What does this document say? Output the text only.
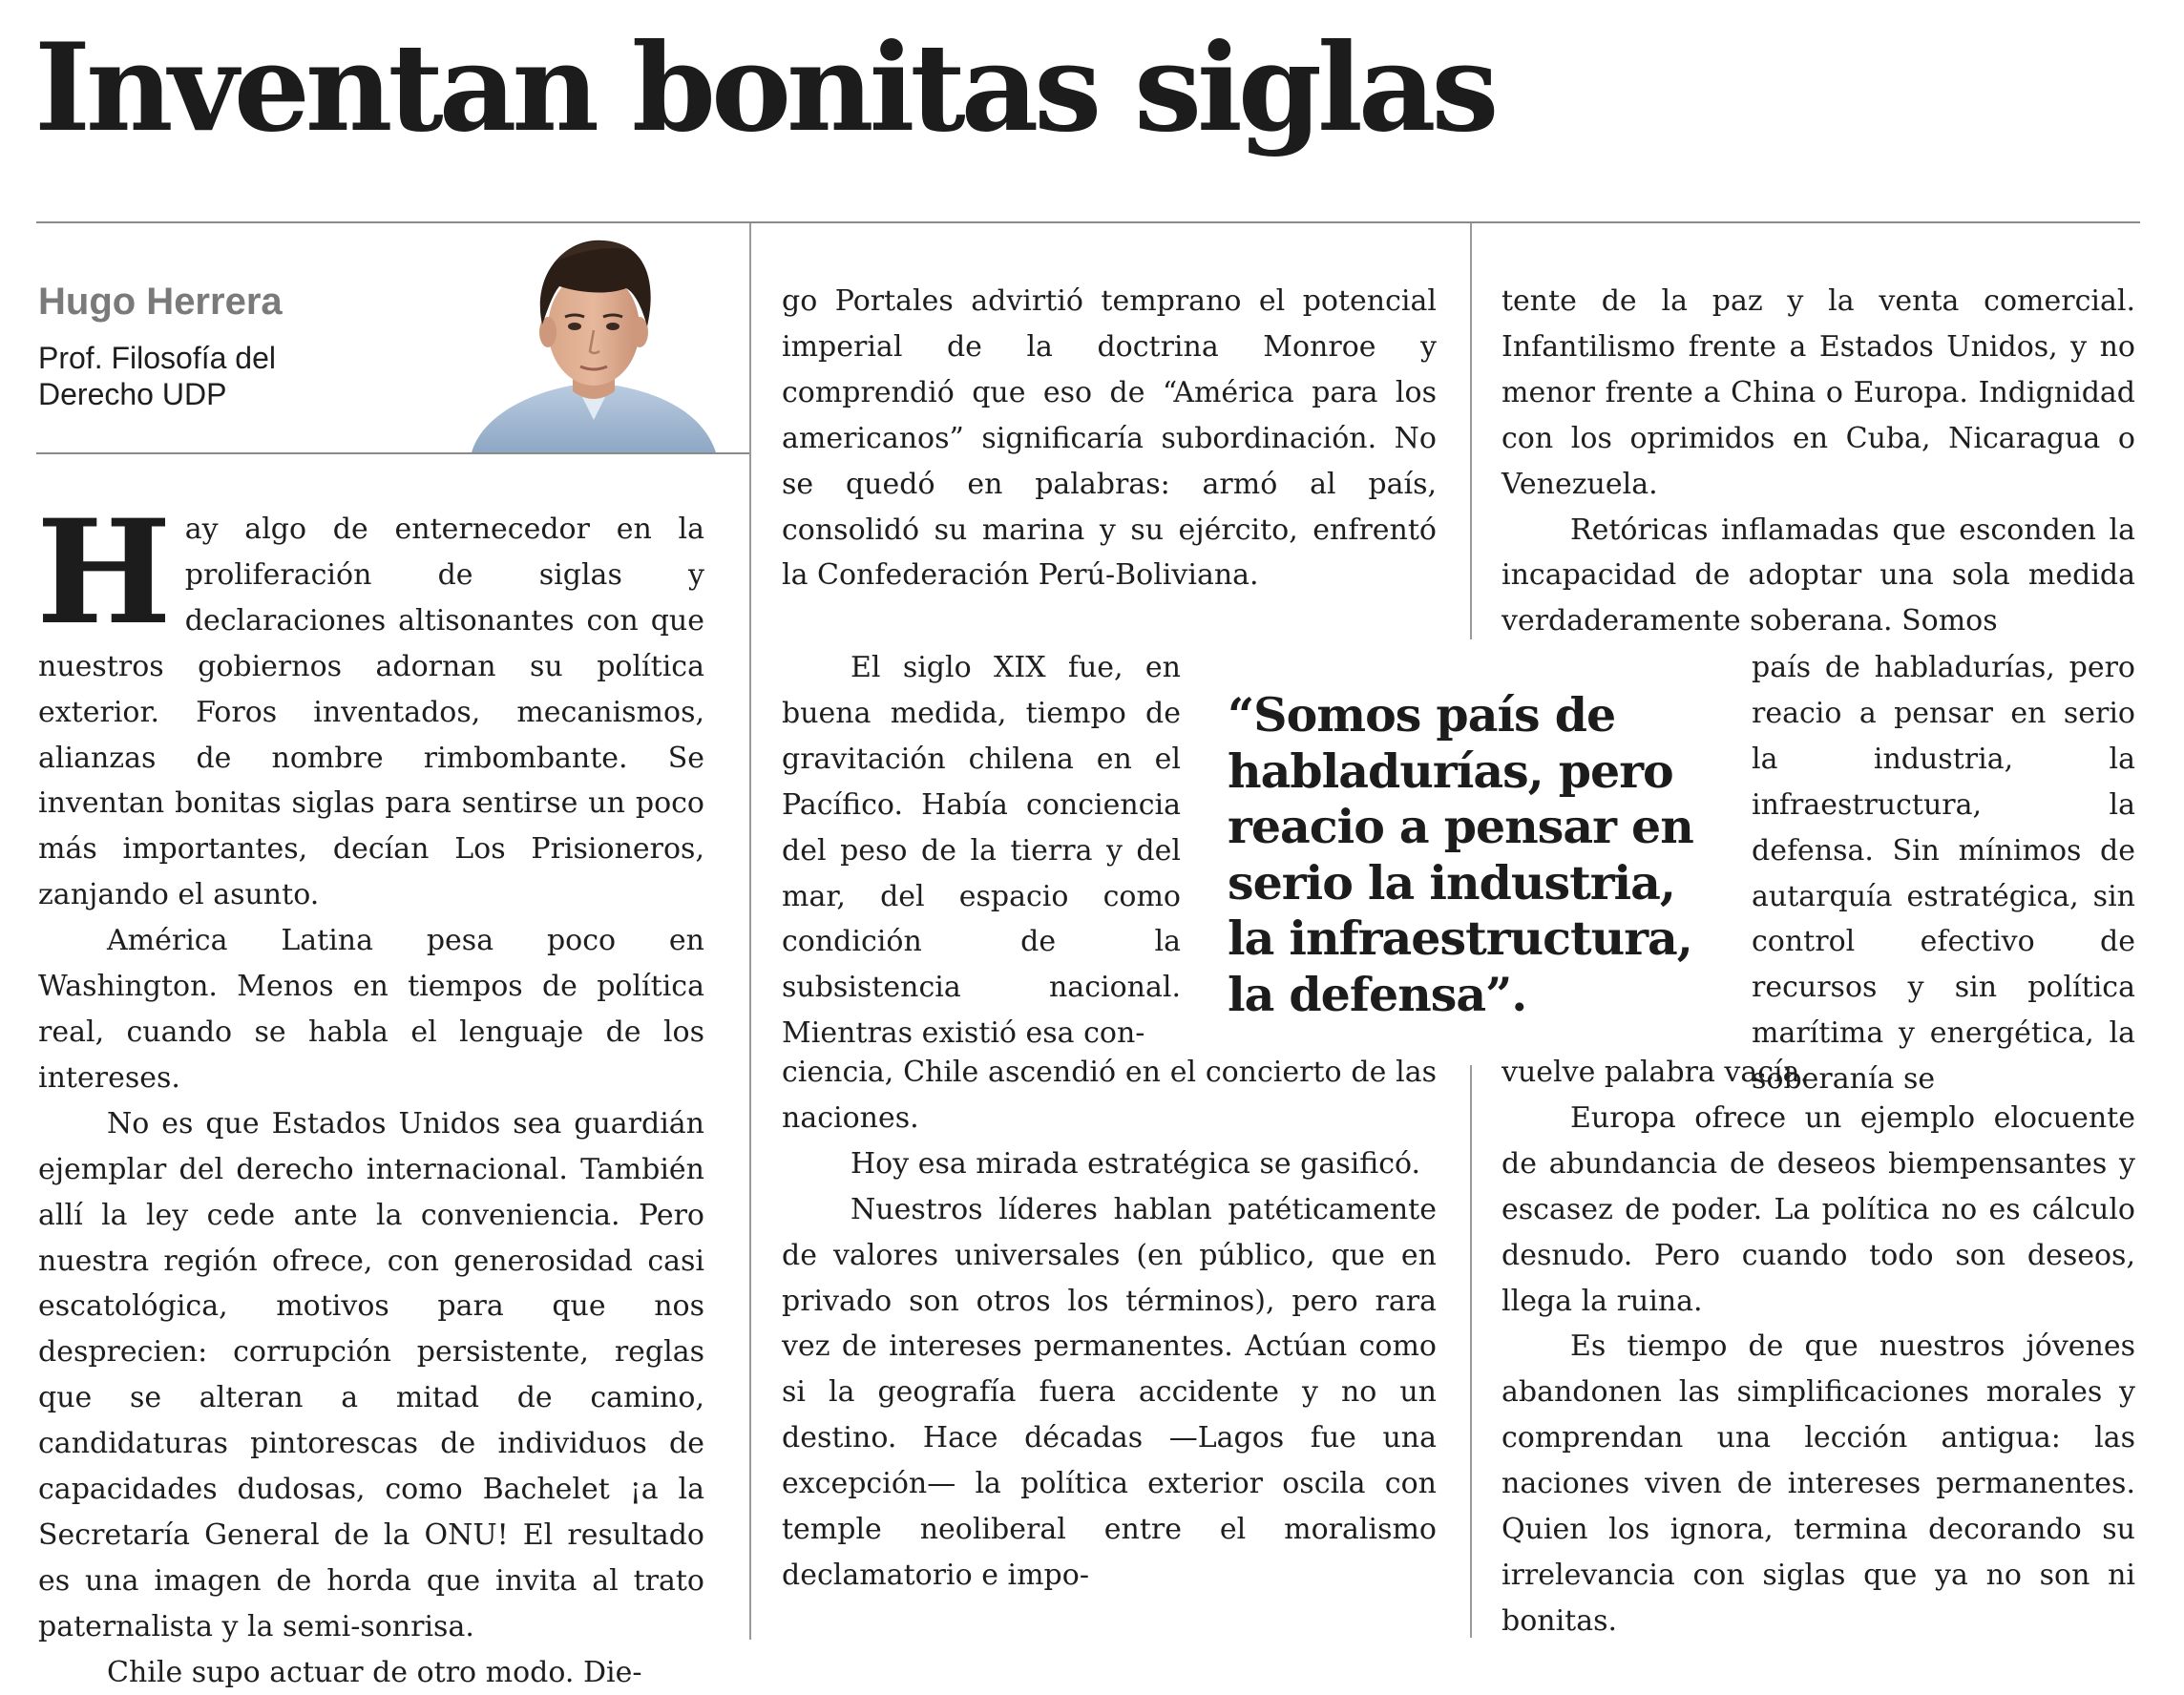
Inventan bonitas siglas
Hugo Herrera
Prof. Filosofía del Derecho UDP

Hay algo de enternecedor en la proliferación de siglas y declaraciones altisonantes con que nuestros gobiernos adornan su política exterior. Foros inventados, mecanismos, alianzas de nombre rimbombante. Se inventan bonitas siglas para sentirse un poco más importantes, decían Los Prisioneros, zanjando el asunto.

América Latina pesa poco en Washington. Menos en tiempos de política real, cuando se habla el lenguaje de los intereses.

No es que Estados Unidos sea guardián ejemplar del derecho internacional. También allí la ley cede ante la conveniencia. Pero nuestra región ofrece, con generosidad casi escatológica, motivos para que nos desprecien: corrupción persistente, reglas que se alteran a mitad de camino, candidaturas pintorescas de individuos de capacidades dudosas, como Bachelet ¡a la Secretaría General de la ONU! El resultado es una imagen de horda que invita al trato paternalista y la semi-sonrisa.

Chile supo actuar de otro modo. Die-

go Portales advirtió temprano el potencial imperial de la doctrina Monroe y comprendió que eso de “América para los americanos” significaría subordinación. No se quedó en palabras: armó al país, consolidó su marina y su ejército, enfrentó la Confederación Perú-Boliviana.

El siglo XIX fue, en buena medida, tiempo de gravitación chilena en el Pacífico. Había conciencia del peso de la tierra y del mar, del espacio como condición de la subsistencia nacional. Mientras existió esa con-

ciencia, Chile ascendió en el concierto de las naciones.

Hoy esa mirada estratégica se gasificó.

Nuestros líderes hablan patéticamente de valores universales (en público, que en privado son otros los términos), pero rara vez de intereses permanentes. Actúan como si la geografía fuera accidente y no un destino. Hace décadas —Lagos fue una excepción— la política exterior oscila con temple neoliberal entre el moralismo declamatorio e impo-

“Somos país de habladurías, pero reacio a pensar en serio la industria, la infraestructura, la defensa”.

tente de la paz y la venta comercial. Infantilismo frente a Estados Unidos, y no menor frente a China o Europa. Indignidad con los oprimidos en Cuba, Nicaragua o Venezuela.

Retóricas inflamadas que esconden la incapacidad de adoptar una sola medida verdaderamente soberana. Somos

país de habladurías, pero reacio a pensar en serio la industria, la infraestructura, la defensa. Sin mínimos de autarquía estratégica, sin control efectivo de recursos y sin política marítima y energética, la soberanía se

vuelve palabra vacía.

Europa ofrece un ejemplo elocuente de abundancia de deseos biempensantes y escasez de poder. La política no es cálculo desnudo. Pero cuando todo son deseos, llega la ruina.

Es tiempo de que nuestros jóvenes abandonen las simplificaciones morales y comprendan una lección antigua: las naciones viven de intereses permanentes. Quien los ignora, termina decorando su irrelevancia con siglas que ya no son ni bonitas.
